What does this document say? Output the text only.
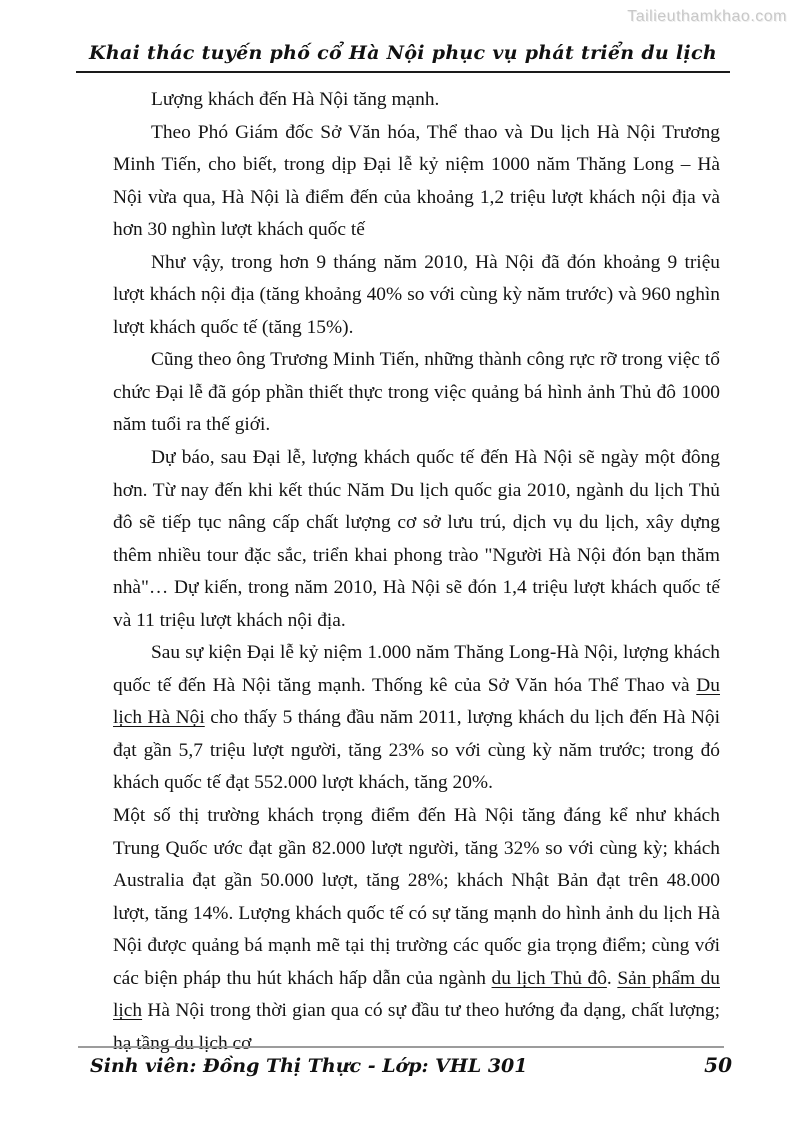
Tailieuthamkhao.com
Khai thác tuyến phố cổ Hà Nội phục vụ phát triển du lịch

Lượng khách đến Hà Nội tăng mạnh.

Theo Phó Giám đốc Sở Văn hóa, Thể thao và Du lịch Hà Nội Trương Minh Tiến, cho biết, trong dịp Đại lễ kỷ niệm 1000 năm Thăng Long – Hà Nội vừa qua, Hà Nội là điểm đến của khoảng 1,2 triệu lượt khách nội địa và hơn 30 nghìn lượt khách quốc tế

Như vậy, trong hơn 9 tháng năm 2010, Hà Nội đã đón khoảng 9 triệu lượt khách nội địa (tăng khoảng 40% so với cùng kỳ năm trước) và 960 nghìn lượt khách quốc tế (tăng 15%).

Cũng theo ông Trương Minh Tiến, những thành công rực rỡ trong việc tổ chức Đại lễ đã góp phần thiết thực trong việc quảng bá hình ảnh Thủ đô 1000 năm tuổi ra thế giới.

Dự báo, sau Đại lễ, lượng khách quốc tế đến Hà Nội sẽ ngày một đông hơn. Từ nay đến khi kết thúc Năm Du lịch quốc gia 2010, ngành du lịch Thủ đô sẽ tiếp tục nâng cấp chất lượng cơ sở lưu trú, dịch vụ du lịch, xây dựng thêm nhiều tour đặc sắc, triển khai phong trào "Người Hà Nội đón bạn thăm nhà"… Dự kiến, trong năm 2010, Hà Nội sẽ đón 1,4 triệu lượt khách quốc tế và 11 triệu lượt khách nội địa.

Sau sự kiện Đại lễ kỷ niệm 1.000 năm Thăng Long-Hà Nội, lượng khách quốc tế đến Hà Nội tăng mạnh. Thống kê của Sở Văn hóa Thể Thao và Du lịch Hà Nội cho thấy 5 tháng đầu năm 2011, lượng khách du lịch đến Hà Nội đạt gần 5,7 triệu lượt người, tăng 23% so với cùng kỳ năm trước; trong đó khách quốc tế đạt 552.000 lượt khách, tăng 20%.

Một số thị trường khách trọng điểm đến Hà Nội tăng đáng kể như khách Trung Quốc ước đạt gần 82.000 lượt người, tăng 32% so với cùng kỳ; khách Australia đạt gần 50.000 lượt, tăng 28%; khách Nhật Bản đạt trên 48.000 lượt, tăng 14%. Lượng khách quốc tế có sự tăng mạnh do hình ảnh du lịch Hà Nội được quảng bá mạnh mẽ tại thị trường các quốc gia trọng điểm; cùng với các biện pháp thu hút khách hấp dẫn của ngành du lịch Thủ đô. Sản phẩm du lịch Hà Nội trong thời gian qua có sự đầu tư theo hướng đa dạng, chất lượng; hạ tầng du lịch cơ

Sinh viên: Đồng Thị Thực - Lớp: VHL 301	50
